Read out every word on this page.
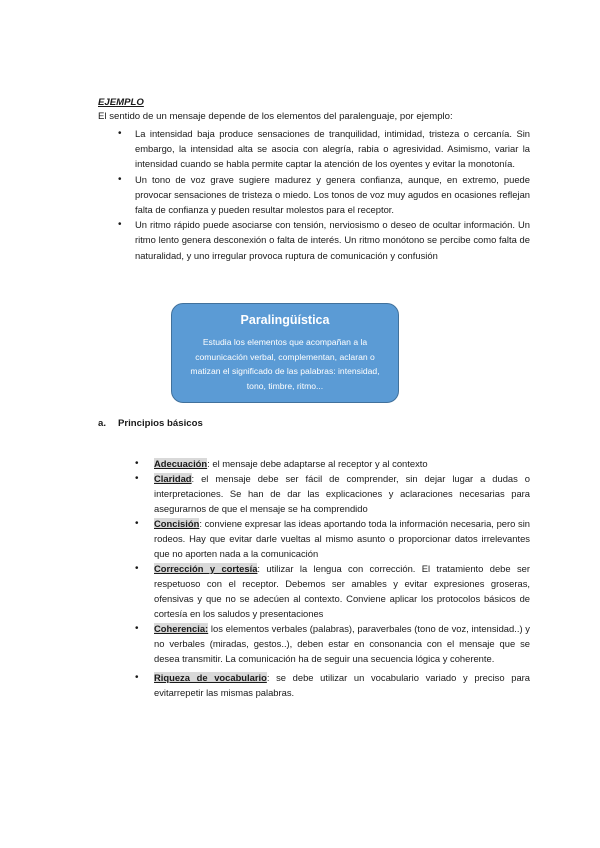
EJEMPLO
El sentido de un mensaje depende de los elementos del paralenguaje, por ejemplo:
• La intensidad baja produce sensaciones de tranquilidad, intimidad, tristeza o cercanía. Sin embargo, la intensidad alta se asocia con alegría, rabia o agresividad. Asimismo, variar la intensidad cuando se habla permite captar la atención de los oyentes y evitar la monotonía.
• Un tono de voz grave sugiere madurez y genera confianza, aunque, en extremo, puede provocar sensaciones de tristeza o miedo. Los tonos de voz muy agudos en ocasiones reflejan falta de confianza y pueden resultar molestos para el receptor.
• Un ritmo rápido puede asociarse con tensión, nerviosismo o deseo de ocultar información. Un ritmo lento genera desconexión o falta de interés. Un ritmo monótono se percibe como falta de naturalidad, y uno irregular provoca ruptura de comunicación y confusión
Paralingüística
Estudia los elementos que acompañan a la comunicación verbal, complementan, aclaran o matizan el significado de las palabras: intensidad, tono, timbre, ritmo...
a. Principios básicos
• Adecuación: el mensaje debe adaptarse al receptor y al contexto
• Claridad: el mensaje debe ser fácil de comprender, sin dejar lugar a dudas o interpretaciones. Se han de dar las explicaciones y aclaraciones necesarias para asegurarnos de que el mensaje se ha comprendido
• Concisión: conviene expresar las ideas aportando toda la información necesaria, pero sin rodeos. Hay que evitar darle vueltas al mismo asunto o proporcionar datos irrelevantes que no aporten nada a la comunicación
• Corrección y cortesía: utilizar la lengua con corrección. El tratamiento debe ser respetuoso con el receptor. Debemos ser amables y evitar expresiones groseras, ofensivas y que no se adecúen al contexto. Conviene aplicar los protocolos básicos de cortesía en los saludos y presentaciones
• Coherencia: los elementos verbales (palabras), paraverbales (tono de voz, intensidad..) y no verbales (miradas, gestos..), deben estar en consonancia con el mensaje que se desea transmitir. La comunicación ha de seguir una secuencia lógica y coherente.
• Riqueza de vocabulario: se debe utilizar un vocabulario variado y preciso para evitarrepetir las mismas palabras.
